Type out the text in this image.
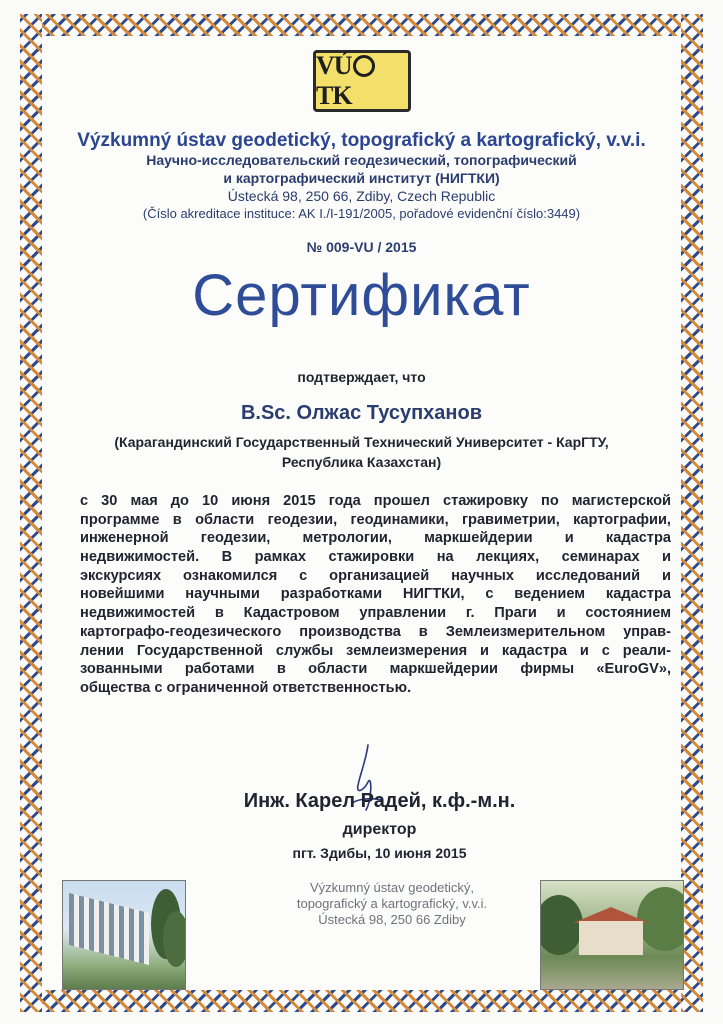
VÚTK
Výzkumný ústav geodetický, topografický a kartografický, v.v.i.
Научно-исследовательский геодезический, топографический
и картографический институт (НИГТКИ)
Ústecká 98, 250 66, Zdiby, Czech Republic
(Číslo akreditace instituce: AK I./I-191/2005, pořadové evidenční číslo:3449)
№ 009-VU / 2015
Сертификат
подтверждает, что
B.Sc. Олжас Тусупханов
(Карагандинский Государственный Технический Университет - КарГТУ,
Республика Казахстан)
с 30 мая до 10 июня 2015 года прошел стажировку по магистерской
программе в области геодезии, геодинамики, гравиметрии, картографии,
инженерной геодезии, метрологии, маркшейдерии и кадастра
недвижимостей. В рамках стажировки на лекциях, семинарах и
экскурсиях ознакомился с организацией научных исследований и
новейшими научными разработками НИГТКИ, с ведением кадастра
недвижимостей в Кадастровом управлении г. Праги и состоянием
картографо-геодезического производства в Землеизмерительном управ-
лении Государственной службы землеизмерения и кадастра и с реали-
зованными работами в области маркшейдерии фирмы «EuroGV»,
общества с ограниченной ответственностью.
Инж. Карел Радей, к.ф.-м.н.
директор
пгт. Здибы, 10 июня 2015
Výzkumný ústav geodetický,
topografický a kartografický, v.v.i.
Ústecká 98, 250 66 Zdiby
